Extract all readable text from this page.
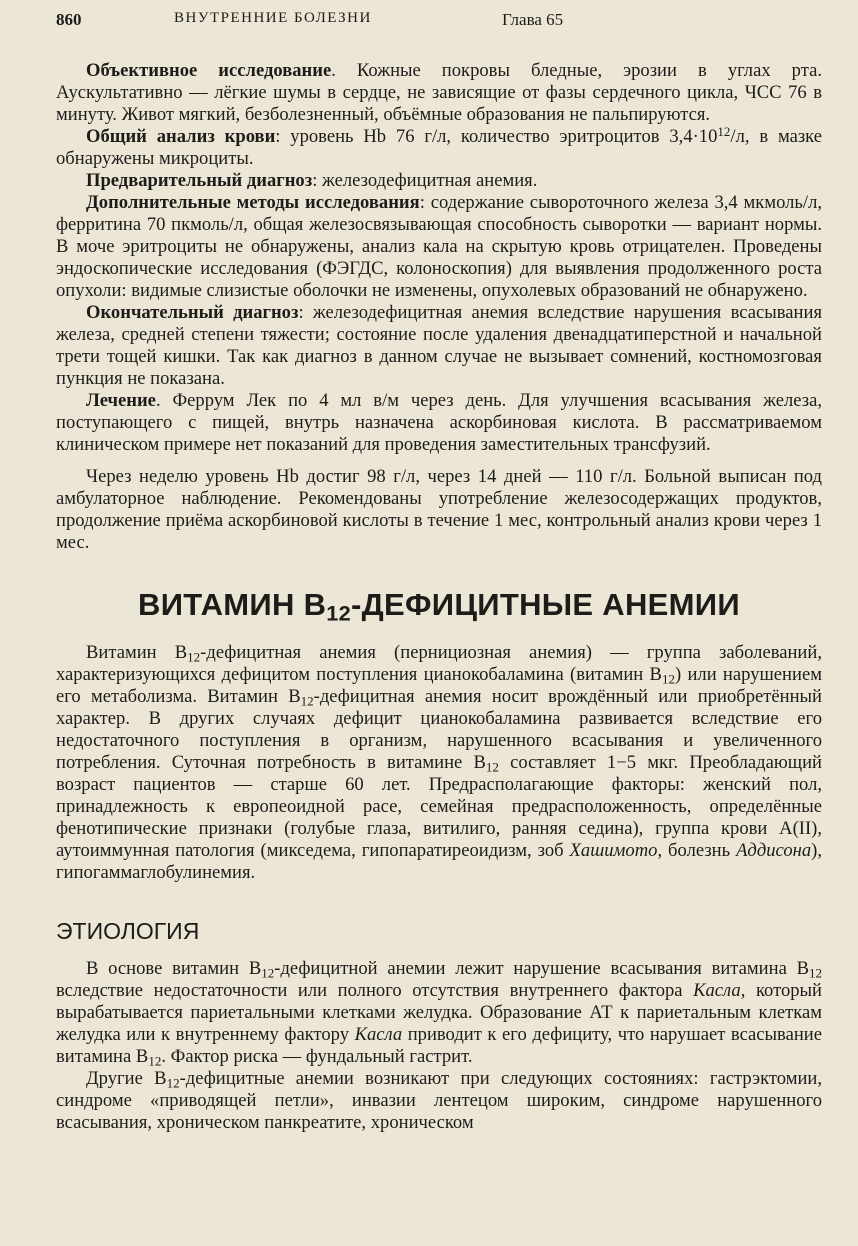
860	ВНУТРЕННИЕ БОЛЕЗНИ	Глава 65

Объективное исследование. Кожные покровы бледные, эрозии в углах рта. Аускультативно — лёгкие шумы в сердце, не зависящие от фазы сердечного цикла, ЧСС 76 в минуту. Живот мягкий, безболезненный, объёмные образования не пальпируются.

Общий анализ крови: уровень Hb 76 г/л, количество эритроцитов $3,4\cdot 10^{12}/л$, в мазке обнаружены микроциты.

Предварительный диагноз: железодефицитная анемия.

Дополнительные методы исследования: содержание сывороточного железа 3,4 мкмоль/л, ферритина 70 пкмоль/л, общая железосвязывающая способность сыворотки — вариант нормы. В моче эритроциты не обнаружены, анализ кала на скрытую кровь отрицателен. Проведены эндоскопические исследования (ФЭГДС, колоноскопия) для выявления продолженного роста опухоли: видимые слизистые оболочки не изменены, опухолевых образований не обнаружено.

Окончательный диагноз: железодефицитная анемия вследствие нарушения всасывания железа, средней степени тяжести; состояние после удаления двенадцатиперстной и начальной трети тощей кишки. Так как диагноз в данном случае не вызывает сомнений, костномозговая пункция не показана.

Лечение. Феррум Лек по 4 мл в/м через день. Для улучшения всасывания железа, поступающего с пищей, внутрь назначена аскорбиновая кислота. В рассматриваемом клиническом примере нет показаний для проведения заместительных трансфузий.

Через неделю уровень Hb достиг 98 г/л, через 14 дней — 110 г/л. Больной выписан под амбулаторное наблюдение. Рекомендованы употребление железосодержащих продуктов, продолжение приёма аскорбиновой кислоты в течение 1 мес, контрольный анализ крови через 1 мес.

ВИТАМИН $B_{12}$-ДЕФИЦИТНЫЕ АНЕМИИ

Витамин $B_{12}$-дефицитная анемия (пернициозная анемия) — группа заболеваний, характеризующихся дефицитом поступления цианокобаламина (витамин $B_{12}$) или нарушением его метаболизма. Витамин $B_{12}$-дефицитная анемия носит врождённый или приобретённый характер. В других случаях дефицит цианокобаламина развивается вследствие его недостаточного поступления в организм, нарушенного всасывания и увеличенного потребления. Суточная потребность в витамине $B_{12}$ составляет 1−5 мкг. Преобладающий возраст пациентов — старше 60 лет. Предрасполагающие факторы: женский пол, принадлежность к европеоидной расе, семейная предрасположенность, определённые фенотипические признаки (голубые глаза, витилиго, ранняя седина), группа крови A(II), аутоиммунная патология (микседема, гипопаратиреоидизм, зоб Хашимото, болезнь Аддисона), гипогаммаглобулинемия.

ЭТИОЛОГИЯ

В основе витамин $B_{12}$-дефицитной анемии лежит нарушение всасывания витамина $B_{12}$ вследствие недостаточности или полного отсутствия внутреннего фактора Касла, который вырабатывается париетальными клетками желудка. Образование АТ к париетальным клеткам желудка или к внутреннему фактору Касла приводит к его дефициту, что нарушает всасывание витамина $B_{12}$. Фактор риска — фундальный гастрит.

Другие $B_{12}$-дефицитные анемии возникают при следующих состояниях: гастрэктомии, синдроме «приводящей петли», инвазии лентецом широким, синдроме нарушенного всасывания, хроническом панкреатите, хроническом
